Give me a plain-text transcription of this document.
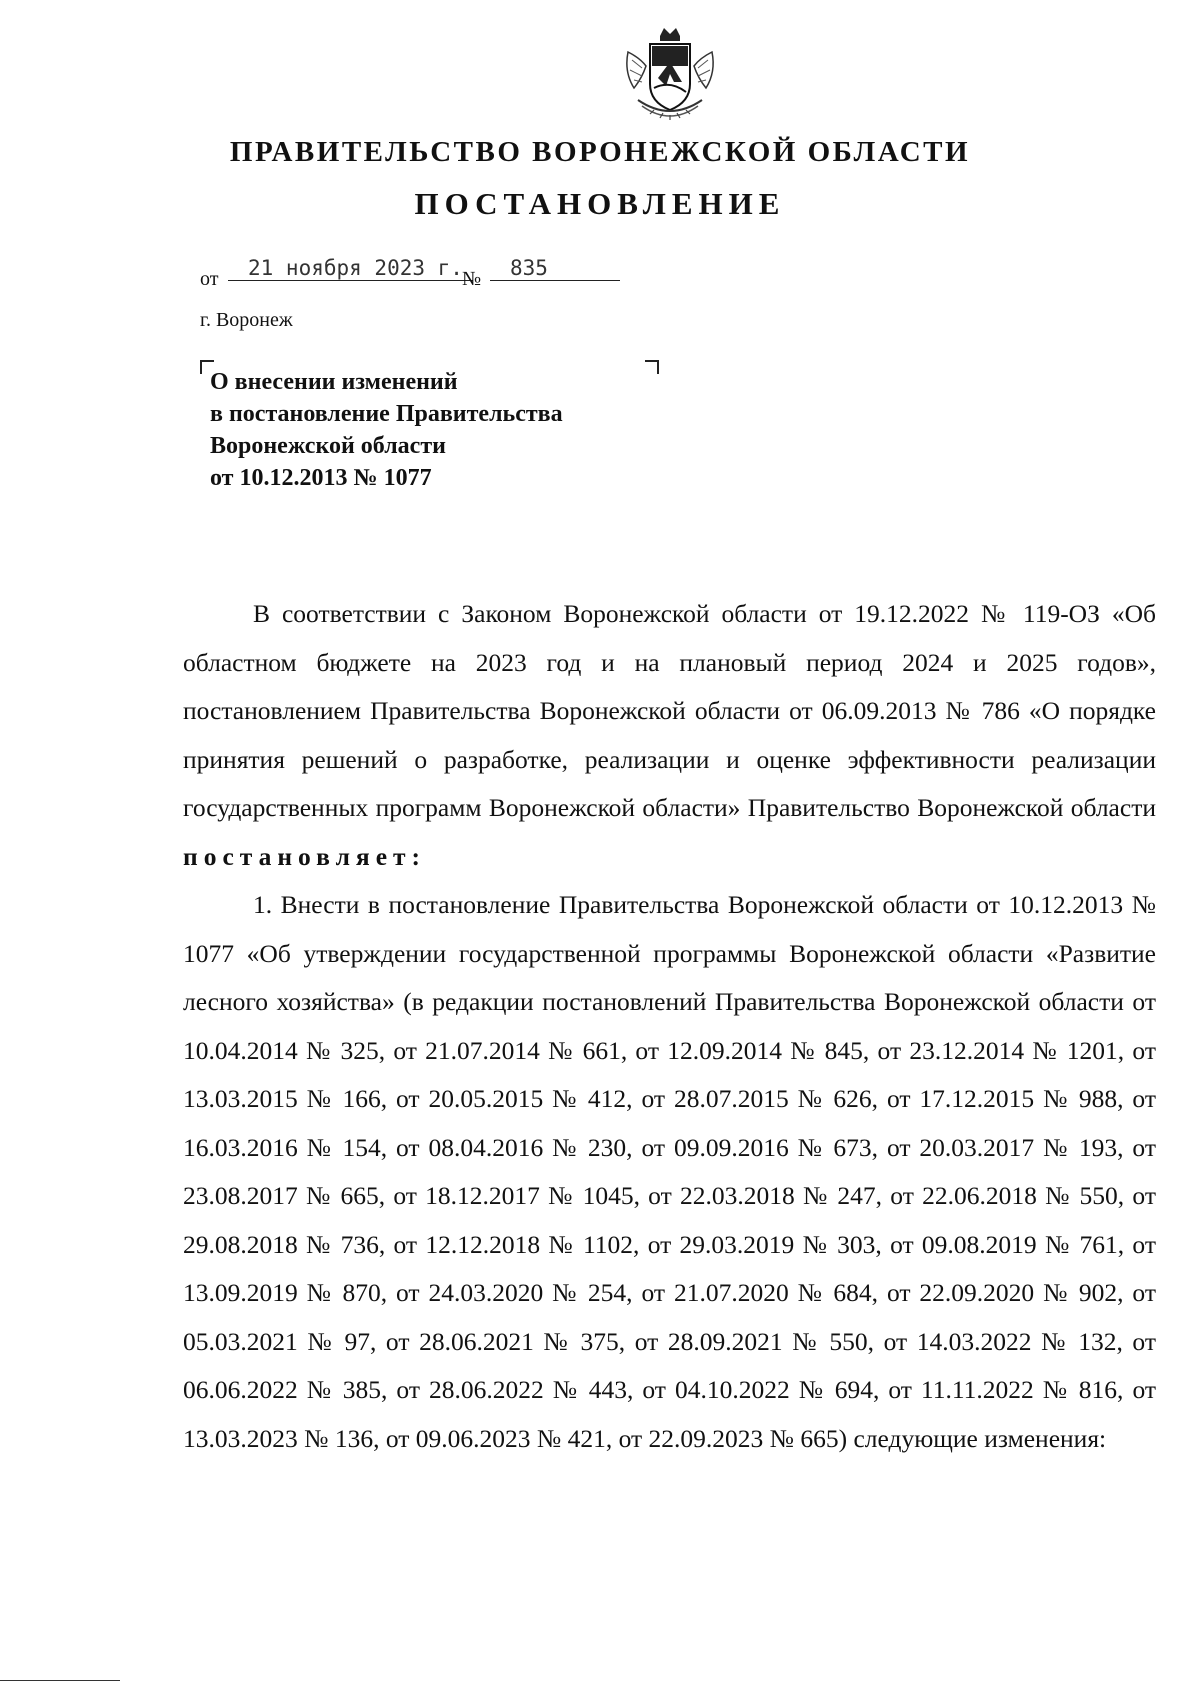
ПРАВИТЕЛЬСТВО ВОРОНЕЖСКОЙ ОБЛАСТИ
ПОСТАНОВЛЕНИЕ
от	21 ноября 2023 г. №	835
г. Воронеж
О внесении изменений
в постановление Правительства
Воронежской области
от 10.12.2013 № 1077

В соответствии с Законом Воронежской области от 19.12.2022 № 119-ОЗ «Об областном бюджете на 2023 год и на плановый период 2024 и 2025 годов», постановлением Правительства Воронежской области от 06.09.2013 № 786 «О порядке принятия решений о разработке, реализации и оценке эффективности реализации государственных программ Воронежской области» Правительство Воронежской области постановляет:

1. Внести в постановление Правительства Воронежской области от 10.12.2013 № 1077 «Об утверждении государственной программы Воронежской области «Развитие лесного хозяйства» (в редакции постановлений Правительства Воронежской области от 10.04.2014 № 325, от 21.07.2014 № 661, от 12.09.2014 № 845, от 23.12.2014 № 1201, от 13.03.2015 № 166, от 20.05.2015 № 412, от 28.07.2015 № 626, от 17.12.2015 № 988, от 16.03.2016 № 154, от 08.04.2016 № 230, от 09.09.2016 № 673, от 20.03.2017 № 193, от 23.08.2017 № 665, от 18.12.2017 № 1045, от 22.03.2018 № 247, от 22.06.2018 № 550, от 29.08.2018 № 736, от 12.12.2018 № 1102, от 29.03.2019 № 303, от 09.08.2019 № 761, от 13.09.2019 № 870, от 24.03.2020 № 254, от 21.07.2020 № 684, от 22.09.2020 № 902, от 05.03.2021 № 97, от 28.06.2021 № 375, от 28.09.2021 № 550, от 14.03.2022 № 132, от 06.06.2022 № 385, от 28.06.2022 № 443, от 04.10.2022 № 694, от 11.11.2022 № 816, от 13.03.2023 № 136, от 09.06.2023 № 421, от 22.09.2023 № 665) следующие изменения:
